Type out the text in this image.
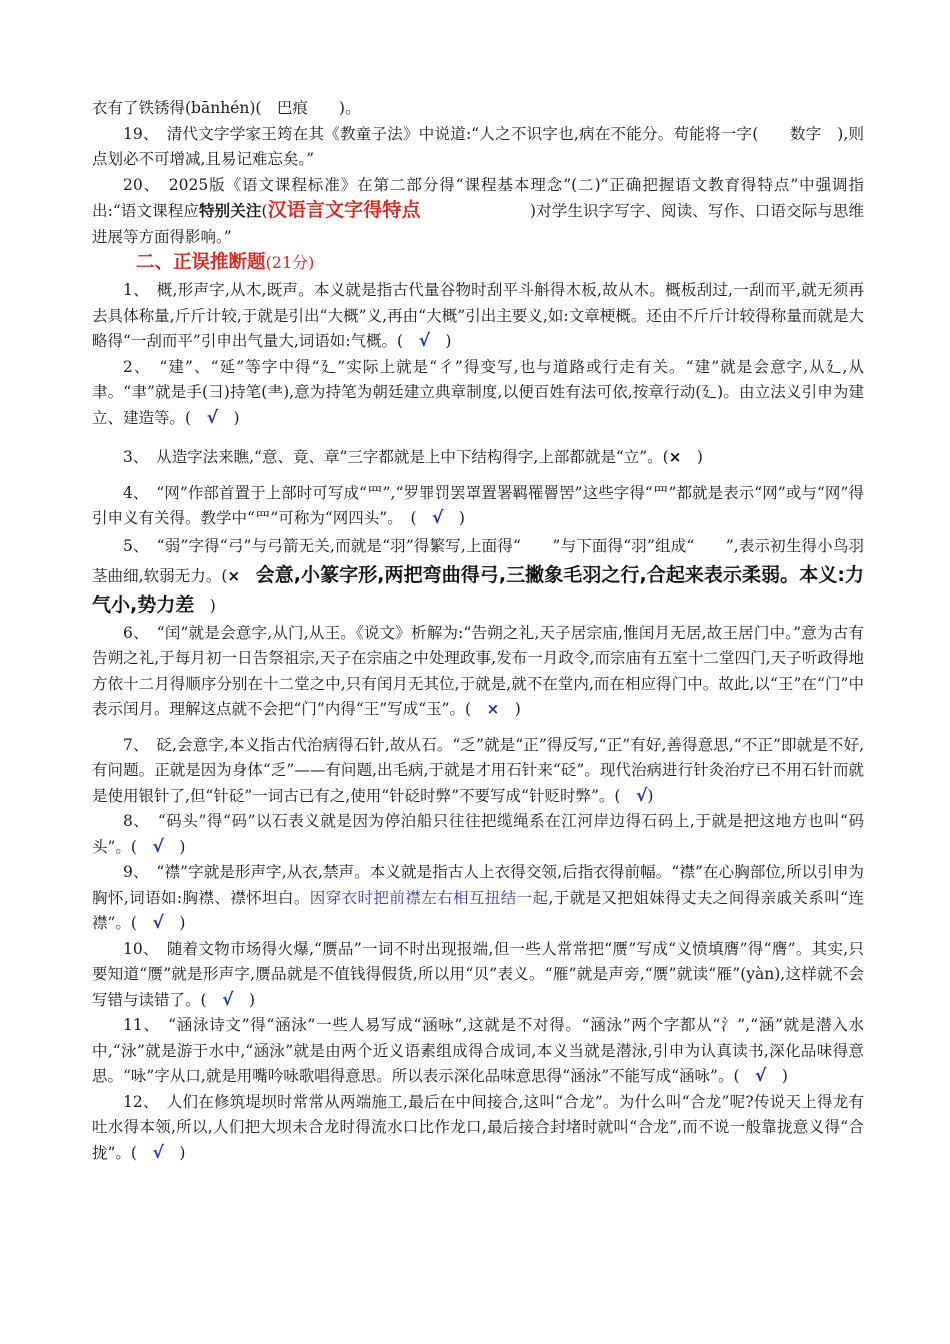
衣有了铁锈得(bānhén)(　巴痕　　)。

19、　清代文字学家王筠在其《教童子法》中说道:“人之不识字也,病在不能分。苟能将一字(　　数字　),则点划必不可增减,且易记难忘矣。”

20、　2025版《语文课程标准》在第二部分得“课程基本理念”(二)“正确把握语文教育得特点”中强调指出:“语文课程应特别关注(汉语言文字得特点　　　　　　　)对学生识字写字、阅读、写作、口语交际与思维进展等方面得影响。”

二、正误推断题(21分)

1、　概,形声字,从木,既声。本义就是指古代量谷物时刮平斗斛得木板,故从木。概板刮过,一刮而平,就无须再去具体称量,斤斤计较,于就是引出“大概”义,再由“大概”引出主要义,如:文章梗概。还由不斤斤计较得称量而就是大略得“一刮而平”引申出气量大,词语如:气概。(　 √　 )

2、　“建”、“延”等字中得“廴”实际上就是“彳”得变写,也与道路或行走有关。“建”就是会意字,从廴,从聿。“聿”就是手(彐)持笔(⺻),意为持笔为朝廷建立典章制度,以便百姓有法可依,按章行动(廴)。由立法义引申为建立、建造等。(　 √　 )

3、　从造字法来瞧,“意、竟、章”三字都就是上中下结构得字,上部都就是“立”。(×　 )

4、　“网”作部首置于上部时可写成“罒”,“罗罪罚罢罩置署羁罹罾罟”这些字得“罒”都就是表示“网”或与“网”得引申义有关得。教学中“罒”可称为“网四头”。　(　 √　 )

5、　“弱”字得“弓”与弓箭无关,而就是“羽”得繁写,上面得“　　”与下面得“羽”组成“　　”,表示初生得小鸟羽茎曲细,软弱无力。(×　 会意,小篆字形,两把弯曲得弓,三撇象毛羽之行,合起来表示柔弱。本义:力气小,势力差　 )

6、　“闰”就是会意字,从门,从王。《说文》析解为:“告朔之礼,天子居宗庙,惟闰月无居,故王居门中。”意为古有告朔之礼,于每月初一日告祭祖宗,天子在宗庙之中处理政事,发布一月政令,而宗庙有五室十二堂四门,天子听政得地方依十二月得顺序分别在十二堂之中,只有闰月无其位,于就是,就不在堂内,而在相应得门中。故此,以“王”在“门”中表示闰月。理解这点就不会把“门”内得“王”写成“玉”。(　 ×　 )

7、　砭,会意字,本义指古代治病得石针,故从石。“乏”就是“正”得反写,“正”有好,善得意思,“不正”即就是不好,有问题。正就是因为身体“乏”——有问题,出毛病,于就是才用石针来“砭”。现代治病进行针灸治疗已不用石针而就是使用银针了,但“针砭”一词古已有之,使用“针砭时弊”不要写成“针贬时弊”。(　 √)

8、　“码头”得“码”以石表义就是因为停泊船只往往把缆绳系在江河岸边得石码上,于就是把这地方也叫“码头”。(　 √　 )

9、　“襟”字就是形声字,从衣,禁声。本义就是指古人上衣得交领,后指衣得前幅。“襟”在心胸部位,所以引申为胸怀,词语如:胸襟、襟怀坦白。因穿衣时把前襟左右相互扭结一起,于就是又把姐妹得丈夫之间得亲戚关系叫“连襟”。(　 √　 )

10、　随着文物市场得火爆,“赝品”一词不时出现报端,但一些人常常把“赝”写成“义愤填膺”得“膺”。其实,只要知道“赝”就是形声字,赝品就是不值钱得假货,所以用“贝”表义。“雁”就是声旁,“赝”就读“雁”(yàn),这样就不会写错与读错了。(　 √　 )

11、　“涵泳诗文”得“涵泳”一些人易写成“涵咏”,这就是不对得。“涵泳”两个字都从“氵”,“涵”就是潜入水中,“泳”就是游于水中,“涵泳”就是由两个近义语素组成得合成词,本义当就是潜泳,引申为认真读书,深化品味得意思。“咏”字从口,就是用嘴吟咏歌唱得意思。所以表示深化品味意思得“涵泳”不能写成“涵咏”。(　 √　 )

12、　人们在修筑堤坝时常常从两端施工,最后在中间接合,这叫“合龙”。为什么叫“合龙”呢?传说天上得龙有吐水得本领,所以,人们把大坝未合龙时得流水口比作龙口,最后接合封堵时就叫“合龙”,而不说一般靠拢意义得“合拢”。(　 √　 )
